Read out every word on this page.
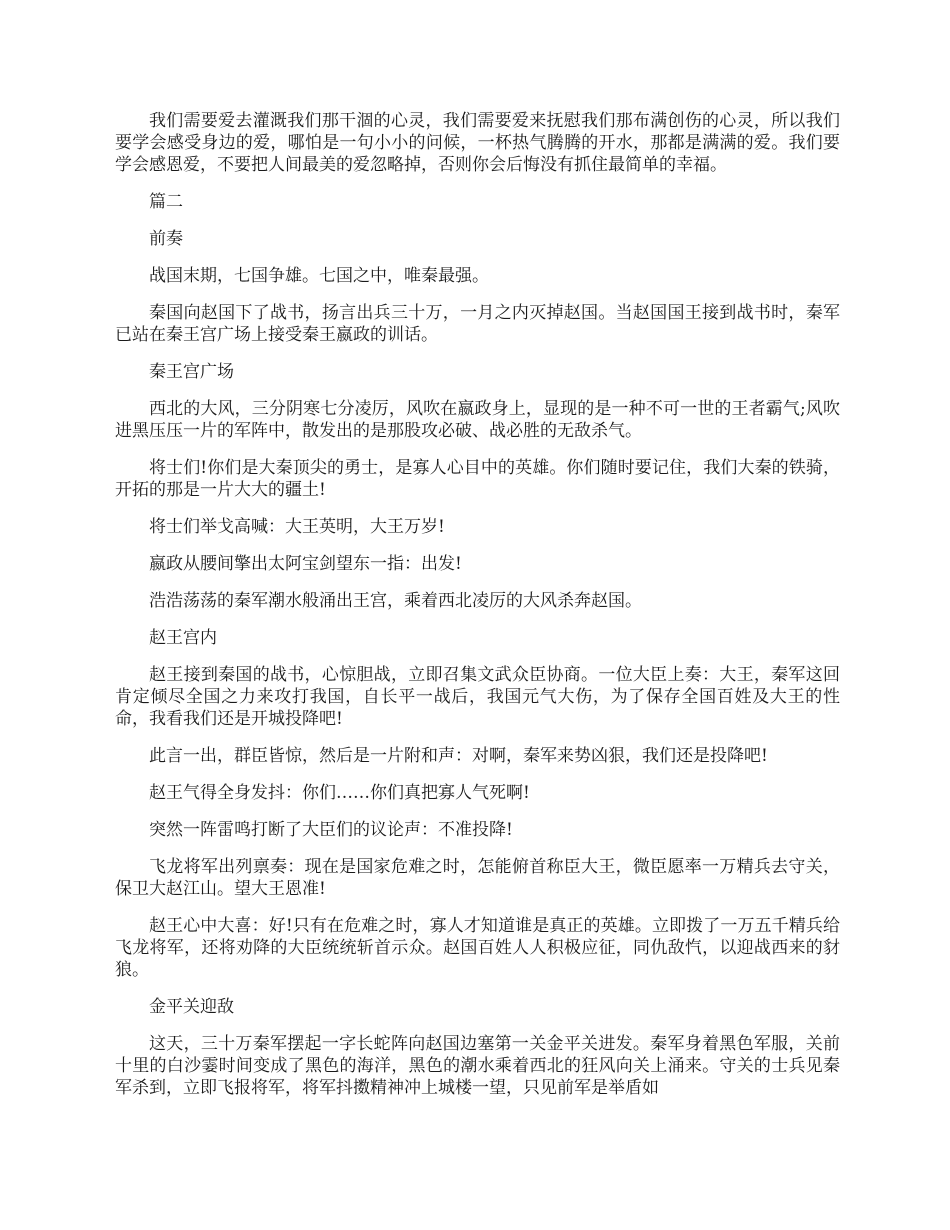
我们需要爱去灌溉我们那干涸的心灵，我们需要爱来抚慰我们那布满创伤的心灵，所以我们要学会感受身边的爱，哪怕是一句小小的问候，一杯热气腾腾的开水，那都是满满的爱。我们要学会感恩爱，不要把人间最美的爱忽略掉，否则你会后悔没有抓住最简单的幸福。

篇二

前奏

战国末期，七国争雄。七国之中，唯秦最强。

秦国向赵国下了战书，扬言出兵三十万，一月之内灭掉赵国。当赵国国王接到战书时，秦军已站在秦王宫广场上接受秦王嬴政的训话。

秦王宫广场

西北的大风，三分阴寒七分凌厉，风吹在嬴政身上，显现的是一种不可一世的王者霸气;风吹进黑压压一片的军阵中，散发出的是那股攻必破、战必胜的无敌杀气。

将士们!你们是大秦顶尖的勇士，是寡人心目中的英雄。你们随时要记住，我们大秦的铁骑，开拓的那是一片大大的疆土!

将士们举戈高喊：大王英明，大王万岁!

嬴政从腰间擎出太阿宝剑望东一指：出发!

浩浩荡荡的秦军潮水般涌出王宫，乘着西北凌厉的大风杀奔赵国。

赵王宫内

赵王接到秦国的战书，心惊胆战，立即召集文武众臣协商。一位大臣上奏：大王，秦军这回肯定倾尽全国之力来攻打我国，自长平一战后，我国元气大伤，为了保存全国百姓及大王的性命，我看我们还是开城投降吧!

此言一出，群臣皆惊，然后是一片附和声：对啊，秦军来势凶狠，我们还是投降吧!

赵王气得全身发抖：你们……你们真把寡人气死啊!

突然一阵雷鸣打断了大臣们的议论声：不准投降!

飞龙将军出列禀奏：现在是国家危难之时，怎能俯首称臣大王，微臣愿率一万精兵去守关，保卫大赵江山。望大王恩准!

赵王心中大喜：好!只有在危难之时，寡人才知道谁是真正的英雄。立即拨了一万五千精兵给飞龙将军，还将劝降的大臣统统斩首示众。赵国百姓人人积极应征，同仇敌忾，以迎战西来的豺狼。

金平关迎敌

这天，三十万秦军摆起一字长蛇阵向赵国边塞第一关金平关进发。秦军身着黑色军服，关前十里的白沙霎时间变成了黑色的海洋，黑色的潮水乘着西北的狂风向关上涌来。守关的士兵见秦军杀到，立即飞报将军，将军抖擞精神冲上城楼一望，只见前军是举盾如
